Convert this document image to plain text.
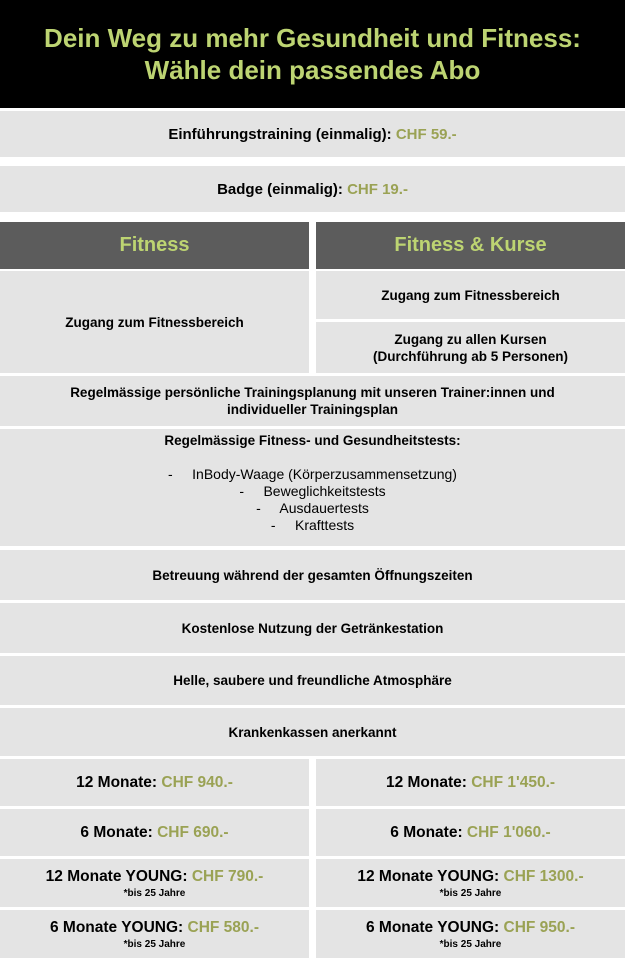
Dein Weg zu mehr Gesundheit und Fitness:
Wähle dein passendes Abo
Einführungstraining (einmalig): CHF 59.-
Badge (einmalig): CHF 19.-
Fitness	Fitness & Kurse
Zugang zum Fitnessbereich
Zugang zum Fitnessbereich
Zugang zu allen Kursen
(Durchführung ab 5 Personen)
Regelmässige persönliche Trainingsplanung mit unseren Trainer:innen und
individueller Trainingsplan
Regelmässige Fitness- und Gesundheitstests:
-     InBody-Waage (Körperzusammensetzung)
-     Beweglichkeitstests
-     Ausdauertests
-     Krafttests
Betreuung während der gesamten Öffnungszeiten
Kostenlose Nutzung der Getränkestation
Helle, saubere und freundliche Atmosphäre
Krankenkassen anerkannt
12 Monate: CHF 940.-
6 Monate: CHF 690.-
12 Monate YOUNG: CHF 790.-
*bis 25 Jahre
6 Monate YOUNG: CHF 580.-
*bis 25 Jahre
12 Monate: CHF 1'450.-
6 Monate: CHF 1'060.-
12 Monate YOUNG: CHF 1300.-
*bis 25 Jahre
6 Monate YOUNG: CHF 950.-
*bis 25 Jahre
